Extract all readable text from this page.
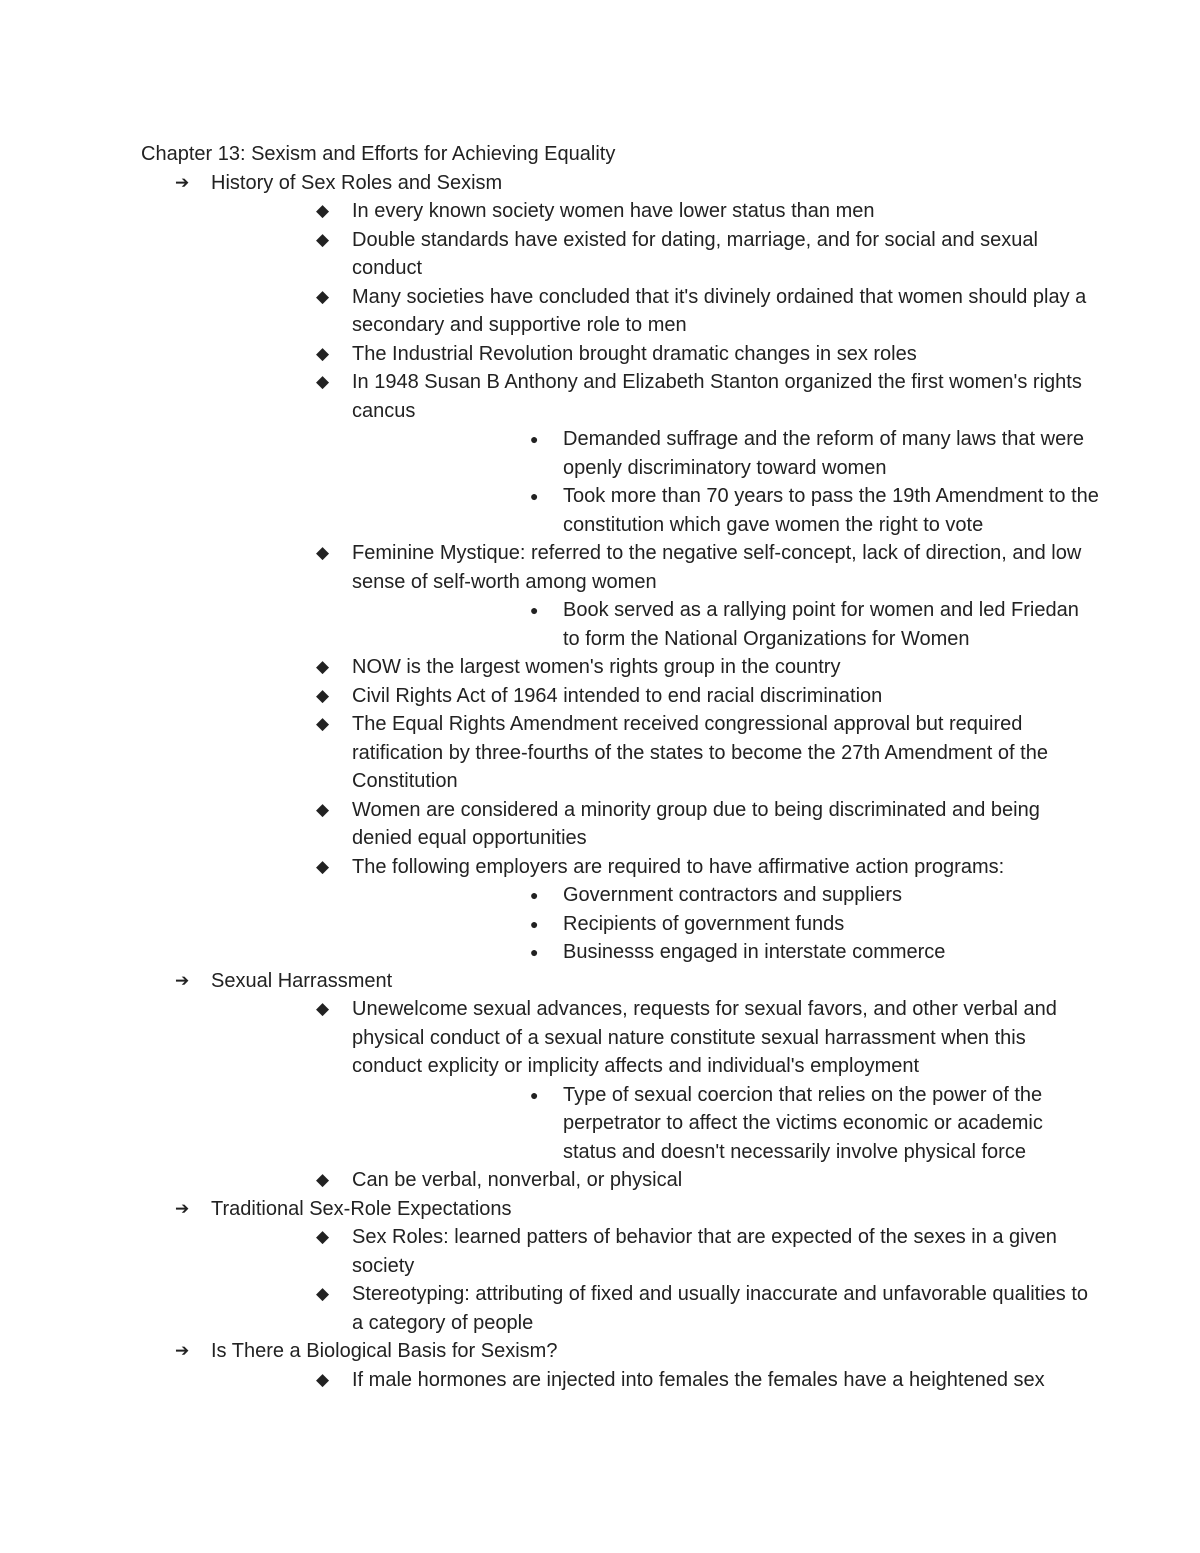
Chapter 13: Sexism and Efforts for Achieving Equality
➔ History of Sex Roles and Sexism
◆ In every known society women have lower status than men
◆ Double standards have existed for dating, marriage, and for social and sexual conduct
◆ Many societies have concluded that it's divinely ordained that women should play a secondary and supportive role to men
◆ The Industrial Revolution brought dramatic changes in sex roles
◆ In 1948 Susan B Anthony and Elizabeth Stanton organized the first women's rights cancus
● Demanded suffrage and the reform of many laws that were openly discriminatory toward women
● Took more than 70 years to pass the 19th Amendment to the constitution which gave women the right to vote
◆ Feminine Mystique: referred to the negative self-concept, lack of direction, and low sense of self-worth among women
● Book served as a rallying point for women and led Friedan to form the National Organizations for Women
◆ NOW is the largest women's rights group in the country
◆ Civil Rights Act of 1964 intended to end racial discrimination
◆ The Equal Rights Amendment received congressional approval but required ratification by three-fourths of the states to become the 27th Amendment of the Constitution
◆ Women are considered a minority group due to being discriminated and being denied equal opportunities
◆ The following employers are required to have affirmative action programs:
● Government contractors and suppliers
● Recipients of government funds
● Businesss engaged in interstate commerce
➔ Sexual Harrassment
◆ Unewelcome sexual advances, requests for sexual favors, and other verbal and physical conduct of a sexual nature constitute sexual harrassment when this conduct explicity or implicity affects and individual's employment
● Type of sexual coercion that relies on the power of the perpetrator to affect the victims economic or academic status and doesn't necessarily involve physical force
◆ Can be verbal, nonverbal, or physical
➔ Traditional Sex-Role Expectations
◆ Sex Roles: learned patters of behavior that are expected of the sexes in a given society
◆ Stereotyping: attributing of fixed and usually inaccurate and unfavorable qualities to a category of people
➔ Is There a Biological Basis for Sexism?
◆ If male hormones are injected into females the females have a heightened sex
